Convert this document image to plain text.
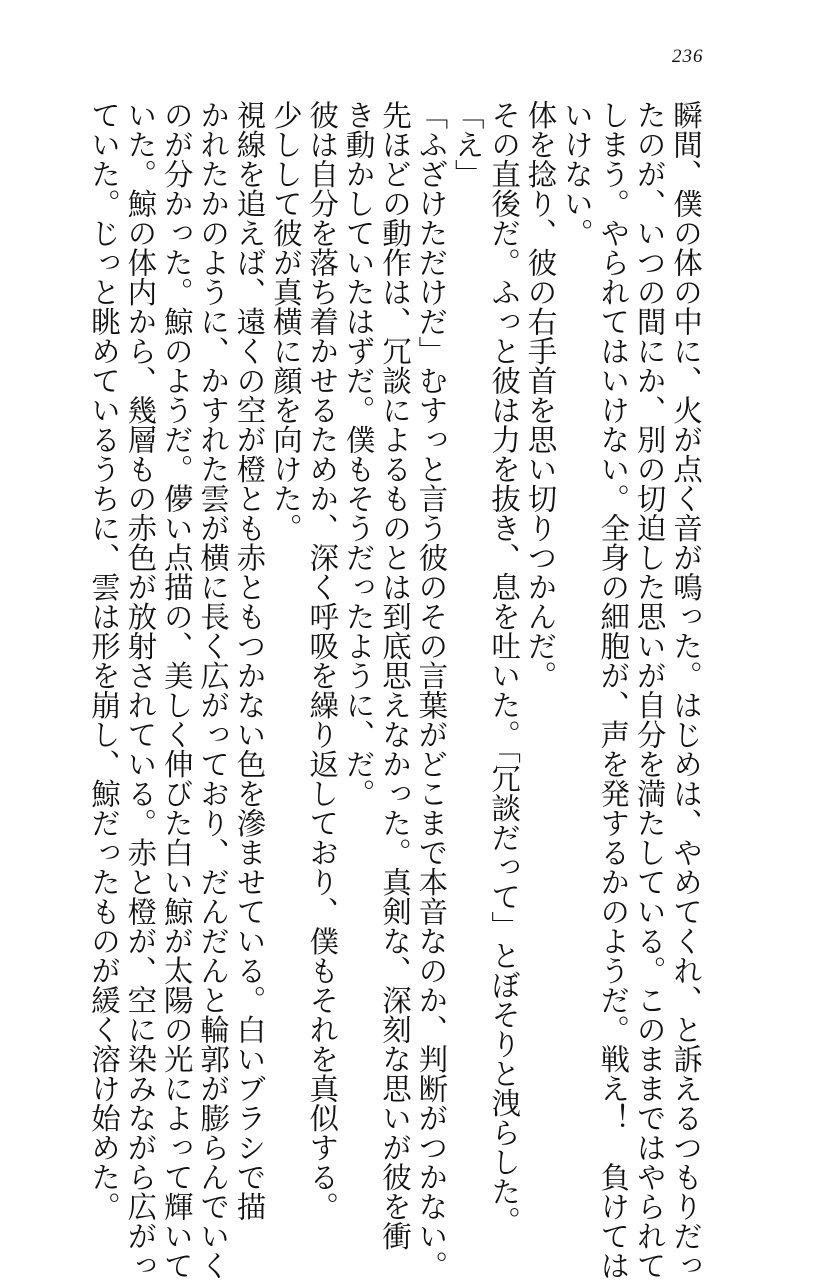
236
瞬間、僕の体の中に、火が点く音が鳴った。はじめは、やめてくれ、と訴えるつもりだっ
たのが、いつの間にか、別の切迫した思いが自分を満たしている。このままではやられて
しまう。やられてはいけない。全身の細胞が、声を発するかのようだ。戦え！　負けては
いけない。
体を捻り、彼の右手首を思い切りつかんだ。
その直後だ。ふっと彼は力を抜き、息を吐いた。「冗談だって」とぼそりと洩らした。
「え」
「ふざけただけだ」むすっと言う彼のその言葉がどこまで本音なのか、判断がつかない。
先ほどの動作は、冗談によるものとは到底思えなかった。真剣な、深刻な思いが彼を衝
き動かしていたはずだ。僕もそうだったように、だ。
彼は自分を落ち着かせるためか、深く呼吸を繰り返しており、僕もそれを真似する。
少しして彼が真横に顔を向けた。
視線を追えば、遠くの空が橙とも赤ともつかない色を滲ませている。白いブラシで描
かれたかのように、かすれた雲が横に長く広がっており、だんだんと輪郭が膨らんでいく
のが分かった。鯨のようだ。儚い点描の、美しく伸びた白い鯨が太陽の光によって輝いて
いた。鯨の体内から、幾層もの赤色が放射されている。赤と橙が、空に染みながら広がっ
ていた。じっと眺めているうちに、雲は形を崩し、鯨だったものが緩く溶け始めた。
